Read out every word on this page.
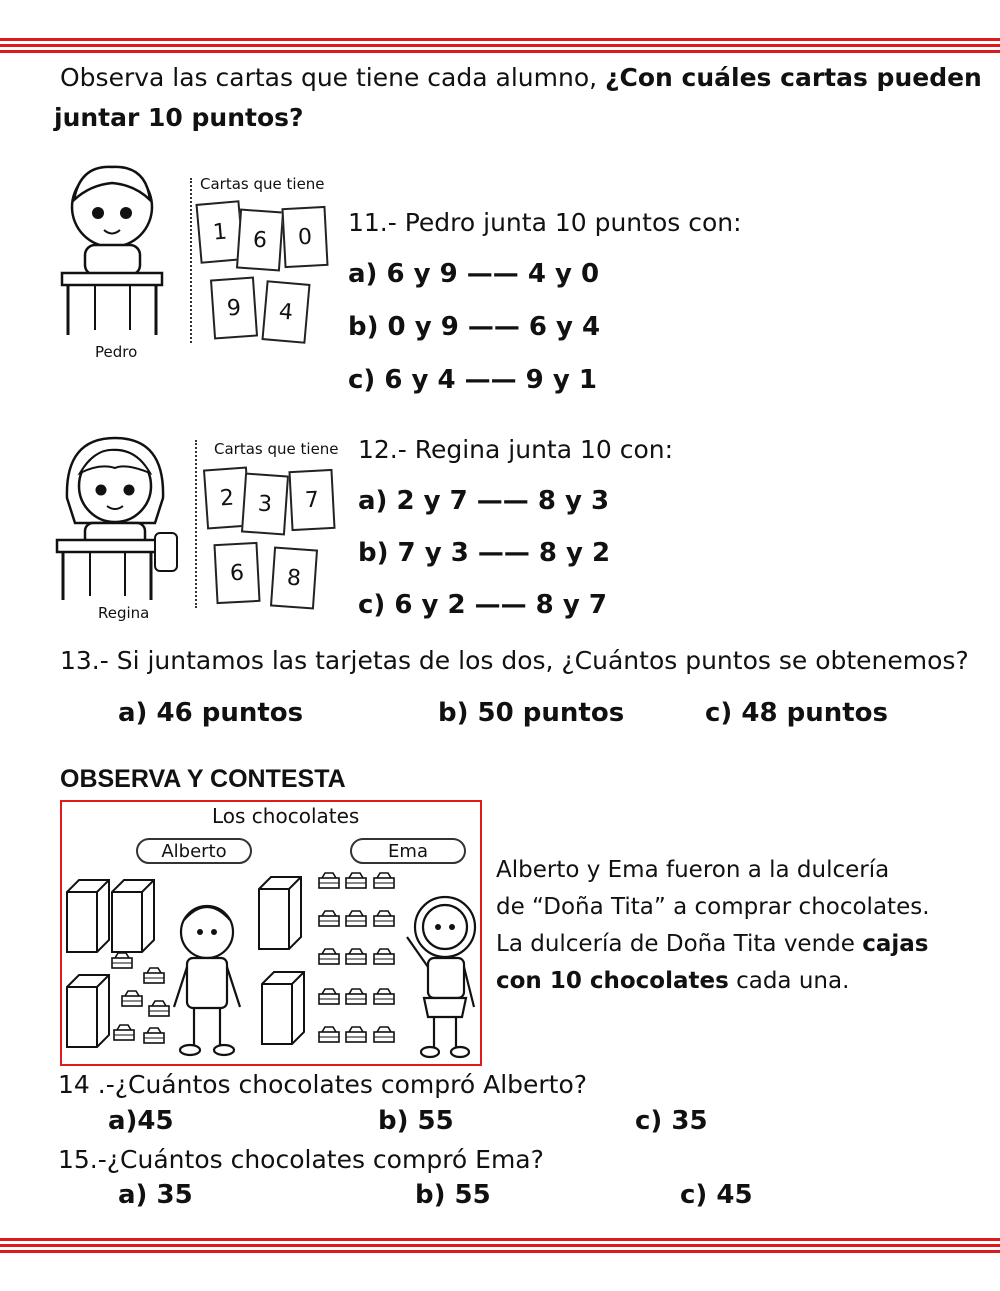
Observa las cartas que tiene cada alumno, ¿Con cuáles cartas pueden
juntar 10 puntos?
Pedro
Cartas que tiene
1	6	0
9	4
11.- Pedro junta 10 puntos con:
a) 6 y 9 —— 4 y 0
b) 0 y 9 —— 6 y 4
c) 6 y 4 —— 9 y 1
Regina
Cartas que tiene
2	3	7
6	8
12.- Regina junta 10 con:
a) 2 y 7 —— 8 y 3
b) 7 y 3 —— 8 y 2
c) 6 y 2 —— 8 y 7
13.- Si juntamos las tarjetas de los dos, ¿Cuántos puntos se obtenemos?
a) 46 puntos	b) 50 puntos	c) 48 puntos
OBSERVA Y CONTESTA
Los chocolates
Alberto	Ema
Alberto y Ema fueron a la dulcería
de “Doña Tita” a comprar chocolates.
La dulcería de Doña Tita vende cajas
con 10 chocolates cada una.
14 .-¿Cuántos chocolates compró Alberto?
a)45	b) 55	c) 35
15.-¿Cuántos chocolates compró Ema?
a) 35	b) 55	c) 45
